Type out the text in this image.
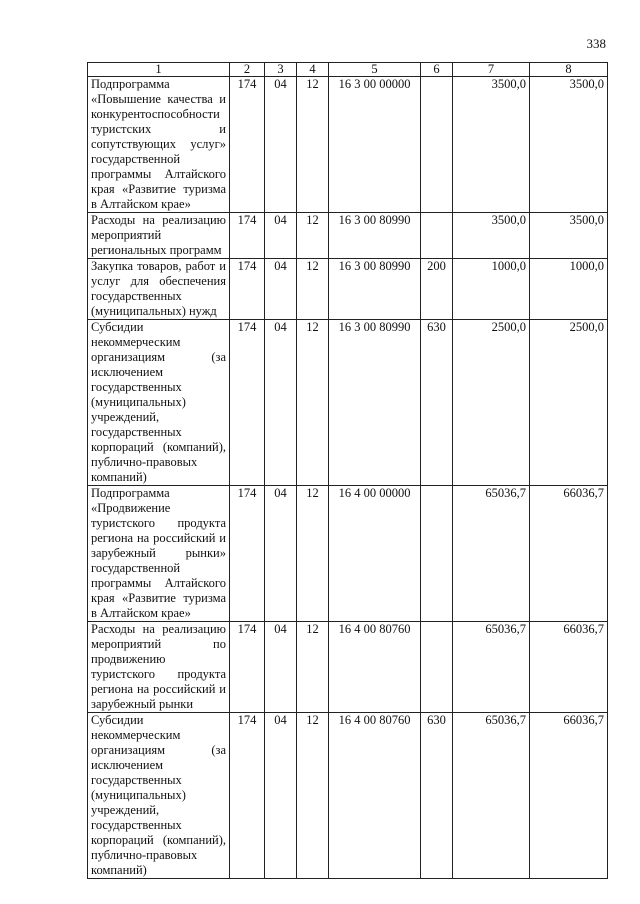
338
1	2	3	4	5	6	7	8
Подпрограмма «Повышение качества и конкурентоспособности туристских и сопутствующих услуг» государственной программы Алтайского края «Развитие туризма в Алтайском крае»	174	04	12	16 3 00 00000		3500,0	3500,0
Расходы на реализацию мероприятий региональных программ	174	04	12	16 3 00 80990		3500,0	3500,0
Закупка товаров, работ и услуг для обеспечения государственных (муниципальных) нужд	174	04	12	16 3 00 80990	200	1000,0	1000,0
Субсидии некоммерческим организациям (за исключением государственных (муниципальных) учреждений, государственных корпораций (компаний), публично-правовых компаний)	174	04	12	16 3 00 80990	630	2500,0	2500,0
Подпрограмма «Продвижение туристского продукта региона на российский и зарубежный рынки» государственной программы Алтайского края «Развитие туризма в Алтайском крае»	174	04	12	16 4 00 00000		65036,7	66036,7
Расходы на реализацию мероприятий по продвижению туристского продукта региона на российский и зарубежный рынки	174	04	12	16 4 00 80760		65036,7	66036,7
Субсидии некоммерческим организациям (за исключением государственных (муниципальных) учреждений, государственных корпораций (компаний), публично-правовых компаний)	174	04	12	16 4 00 80760	630	65036,7	66036,7
